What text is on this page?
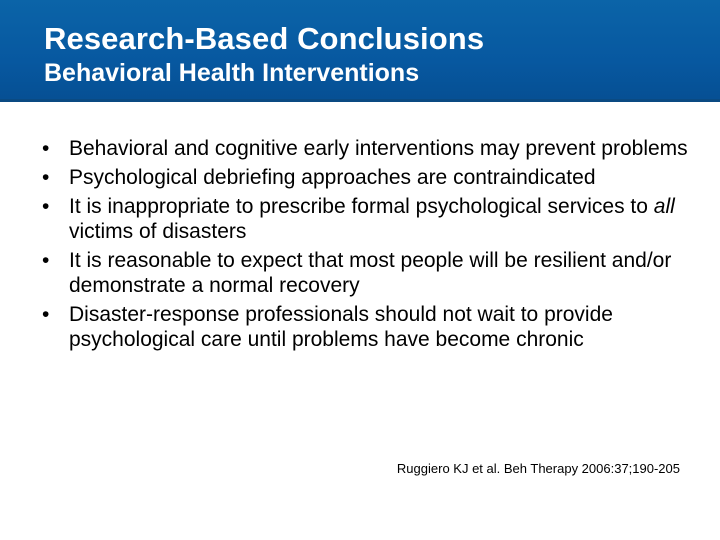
Research-Based Conclusions
Behavioral Health Interventions
• Behavioral and cognitive early interventions may prevent problems
• Psychological debriefing approaches are contraindicated
• It is inappropriate to prescribe formal psychological services to all victims of disasters
• It is reasonable to expect that most people will be resilient and/or demonstrate a normal recovery
• Disaster-response professionals should not wait to provide psychological care until problems have become chronic
Ruggiero KJ et al. Beh Therapy 2006:37;190-205
